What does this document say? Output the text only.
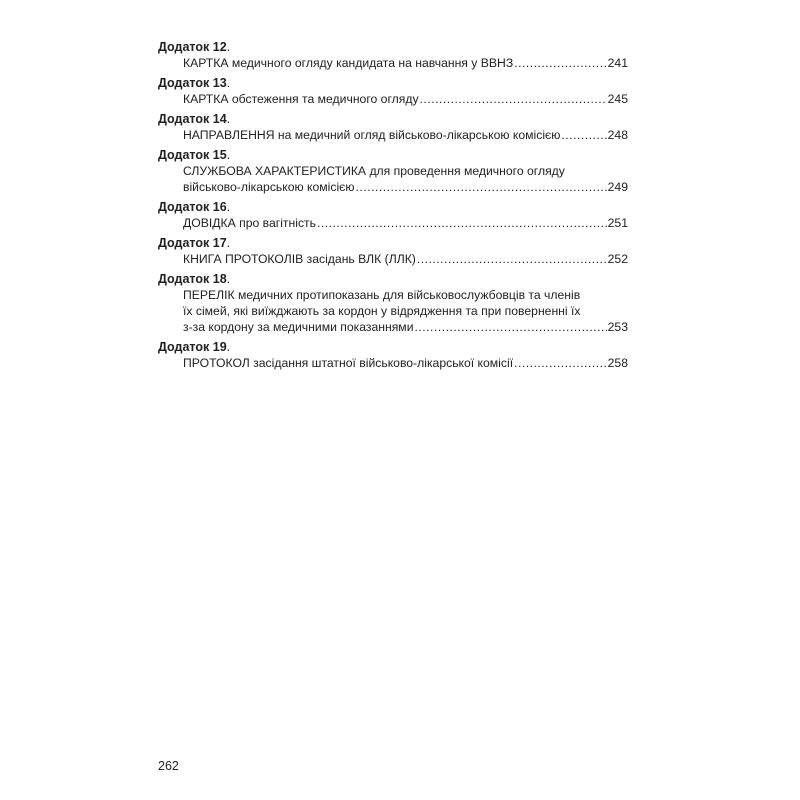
Додаток 12.
КАРТКА медичного огляду кандидата на навчання у ВВНЗ .....	241
Додаток 13.
КАРТКА обстеження та медичного огляду .....	245
Додаток 14.
НАПРАВЛЕННЯ на медичний огляд військово-лікарською комісією .....	248
Додаток 15.
СЛУЖБОВА ХАРАКТЕРИСТИКА для проведення медичного огляду
військово-лікарською комісією .....	249
Додаток 16.
ДОВІДКА про вагітність .....	251
Додаток 17.
КНИГА ПРОТОКОЛІВ засідань ВЛК (ЛЛК) .....	252
Додаток 18.
ПЕРЕЛІК медичних протипоказань для військовослужбовців та членів
їх сімей, які виїжджають за кордон у відрядження та при поверненні їх
з-за кордону за медичними показаннями .....	253
Додаток 19.
ПРОТОКОЛ засідання штатної військово-лікарської комісії .....	258
262
